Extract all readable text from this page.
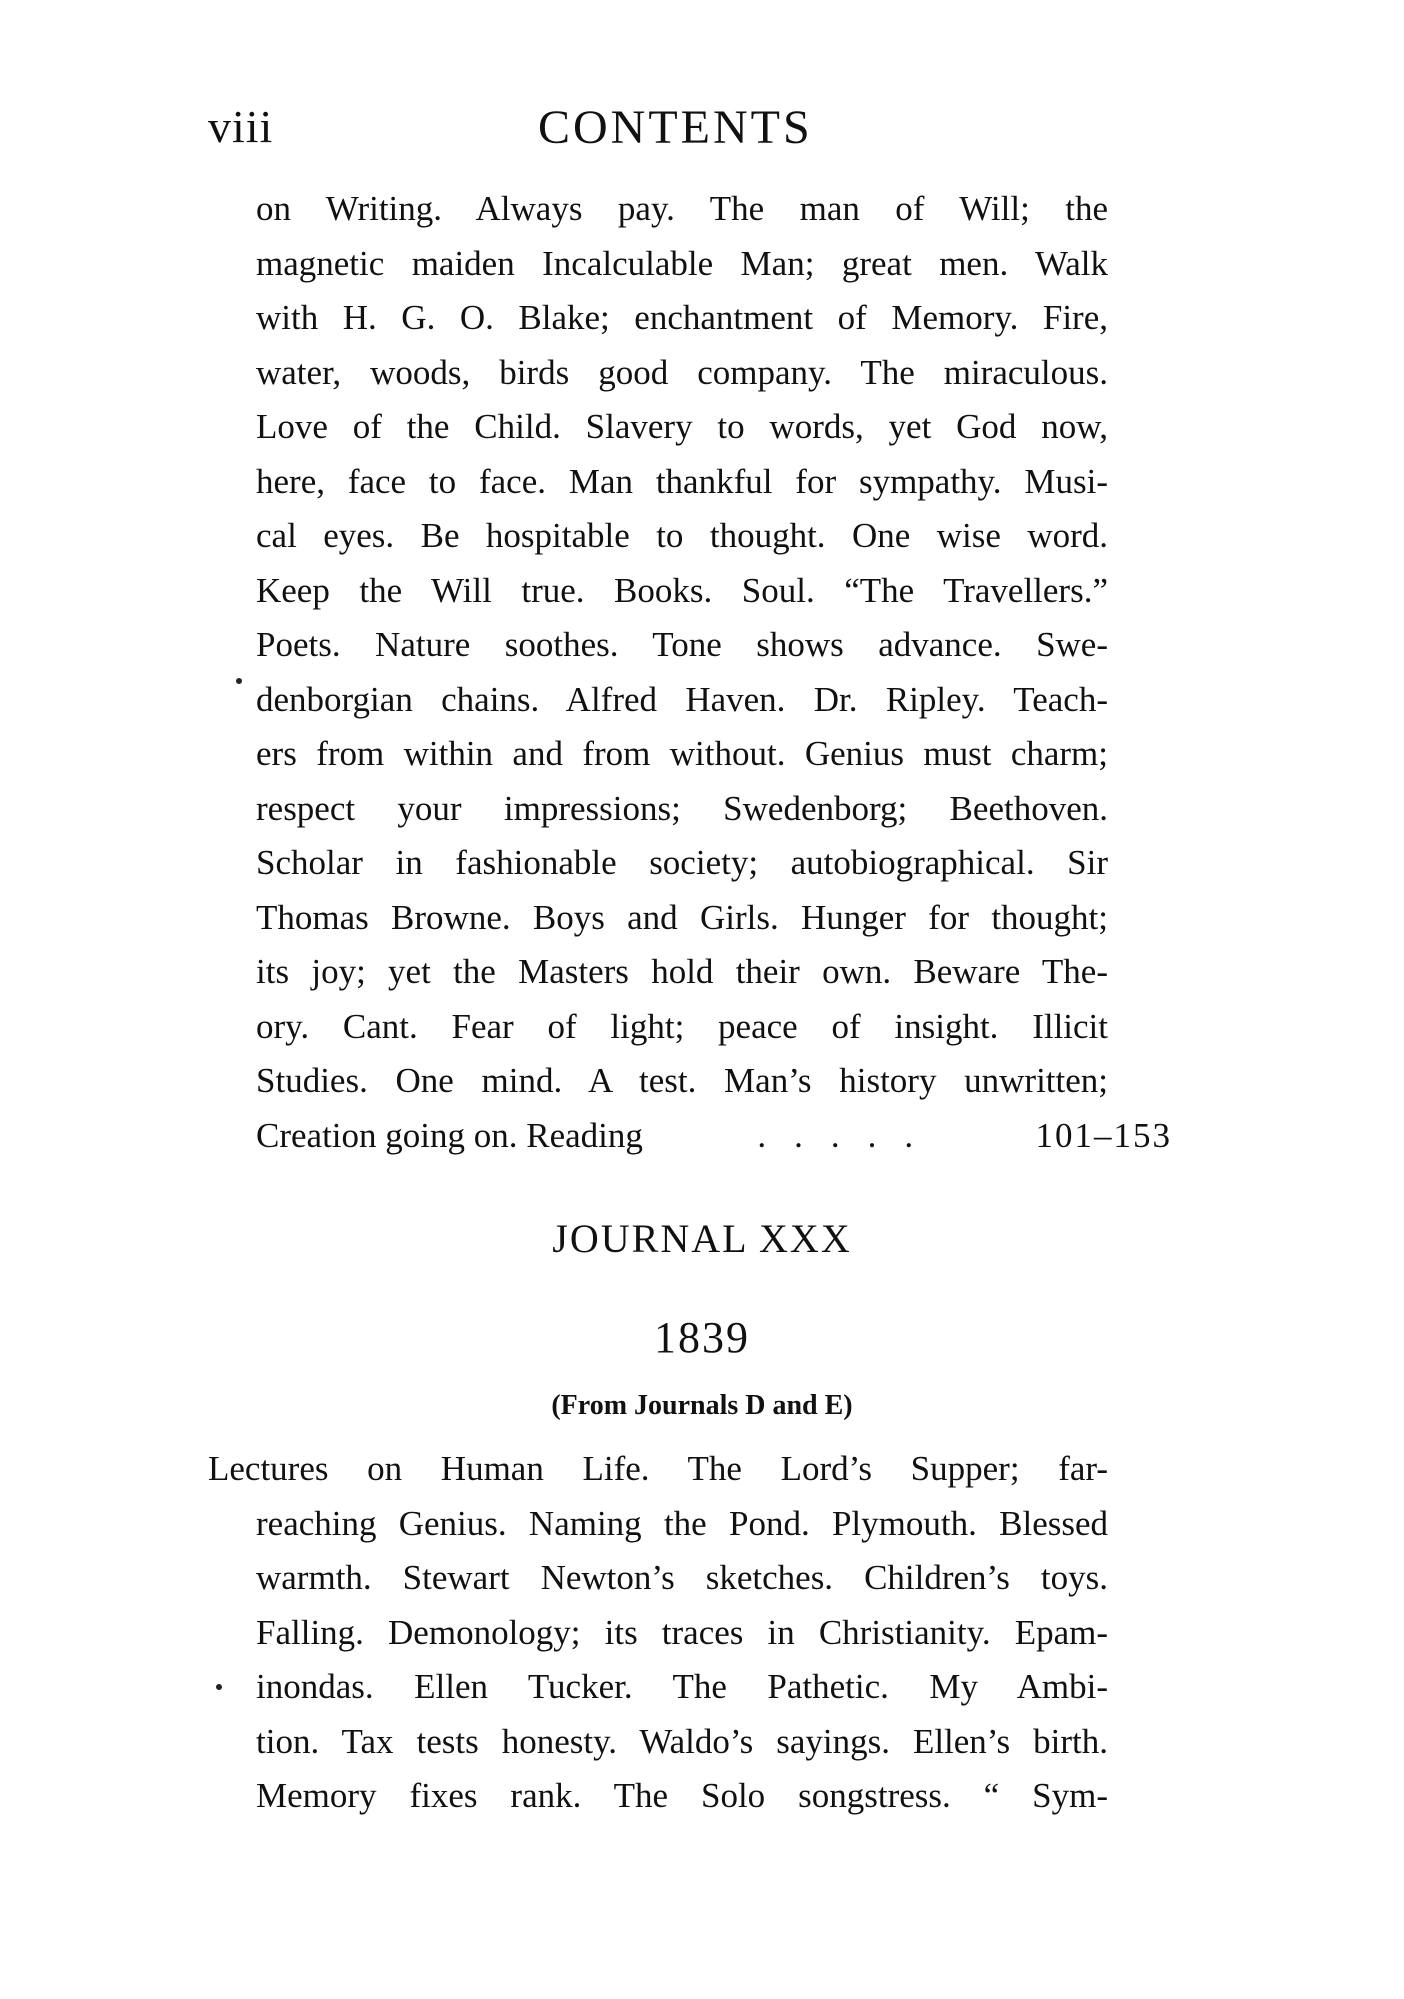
viii	CONTENTS
on Writing. Always pay. The man of Will; the
magnetic maiden Incalculable Man; great men. Walk
with H. G. O. Blake; enchantment of Memory. Fire,
water, woods, birds good company. The miraculous.
Love of the Child. Slavery to words, yet God now,
here, face to face. Man thankful for sympathy. Musi-
cal eyes. Be hospitable to thought. One wise word.
Keep the Will true. Books. Soul. “The Travellers.”
Poets. Nature soothes. Tone shows advance. Swe-
denborgian chains. Alfred Haven. Dr. Ripley. Teach-
ers from within and from without. Genius must charm;
respect your impressions; Swedenborg; Beethoven.
Scholar in fashionable society; autobiographical. Sir
Thomas Browne. Boys and Girls. Hunger for thought;
its joy; yet the Masters hold their own. Beware The-
ory. Cant. Fear of light; peace of insight. Illicit
Studies. One mind. A test. Man’s history unwritten;
Creation going on. Reading	.....	101–153
JOURNAL XXX
1839
(From Journals D and E)
Lectures on Human Life. The Lord’s Supper; far-
reaching Genius. Naming the Pond. Plymouth. Blessed
warmth. Stewart Newton’s sketches. Children’s toys.
Falling. Demonology; its traces in Christianity. Epam-
inondas. Ellen Tucker. The Pathetic. My Ambi-
tion. Tax tests honesty. Waldo’s sayings. Ellen’s birth.
Memory fixes rank. The Solo songstress. “ Sym-
